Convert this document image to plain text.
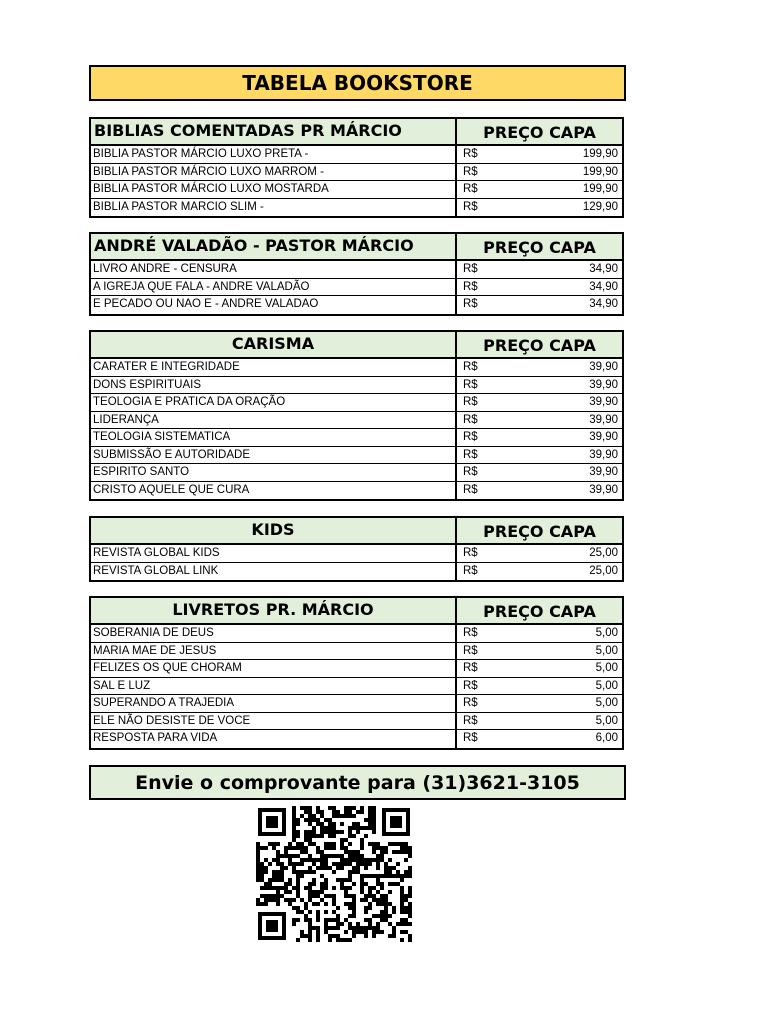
TABELA BOOKSTORE
BIBLIAS COMENTADAS PR MÁRCIO	PREÇO CAPA
BIBLIA PASTOR MÁRCIO LUXO PRETA -	R$	199,90
BIBLIA PASTOR MÁRCIO LUXO MARROM -	R$	199,90
BIBLIA PASTOR MÁRCIO LUXO MOSTARDA	R$	199,90
BIBLIA PASTOR MARCIO SLIM -	R$	129,90
ANDRÉ VALADÃO - PASTOR MÁRCIO	PREÇO CAPA
LIVRO ANDRE - CENSURA	R$	34,90
A IGREJA QUE FALA - ANDRE VALADÃO	R$	34,90
E PECADO OU NAO E - ANDRE VALADAO	R$	34,90
CARISMA	PREÇO CAPA
CARATER E INTEGRIDADE	R$	39,90
DONS ESPIRITUAIS	R$	39,90
TEOLOGIA E PRATICA DA ORAÇÃO	R$	39,90
LIDERANÇA	R$	39,90
TEOLOGIA SISTEMATICA	R$	39,90
SUBMISSÃO E AUTORIDADE	R$	39,90
ESPIRITO SANTO	R$	39,90
CRISTO AQUELE QUE CURA	R$	39,90
KIDS	PREÇO CAPA
REVISTA GLOBAL KIDS	R$	25,00
REVISTA GLOBAL LINK	R$	25,00
LIVRETOS PR. MÁRCIO	PREÇO CAPA
SOBERANIA DE DEUS	R$	5,00
MARIA MAE DE JESUS	R$	5,00
FELIZES OS QUE CHORAM	R$	5,00
SAL E LUZ	R$	5,00
SUPERANDO A TRAJEDIA	R$	5,00
ELE NÃO DESISTE DE VOCE	R$	5,00
RESPOSTA PARA VIDA	R$	6,00
Envie o comprovante para (31)3621-3105
